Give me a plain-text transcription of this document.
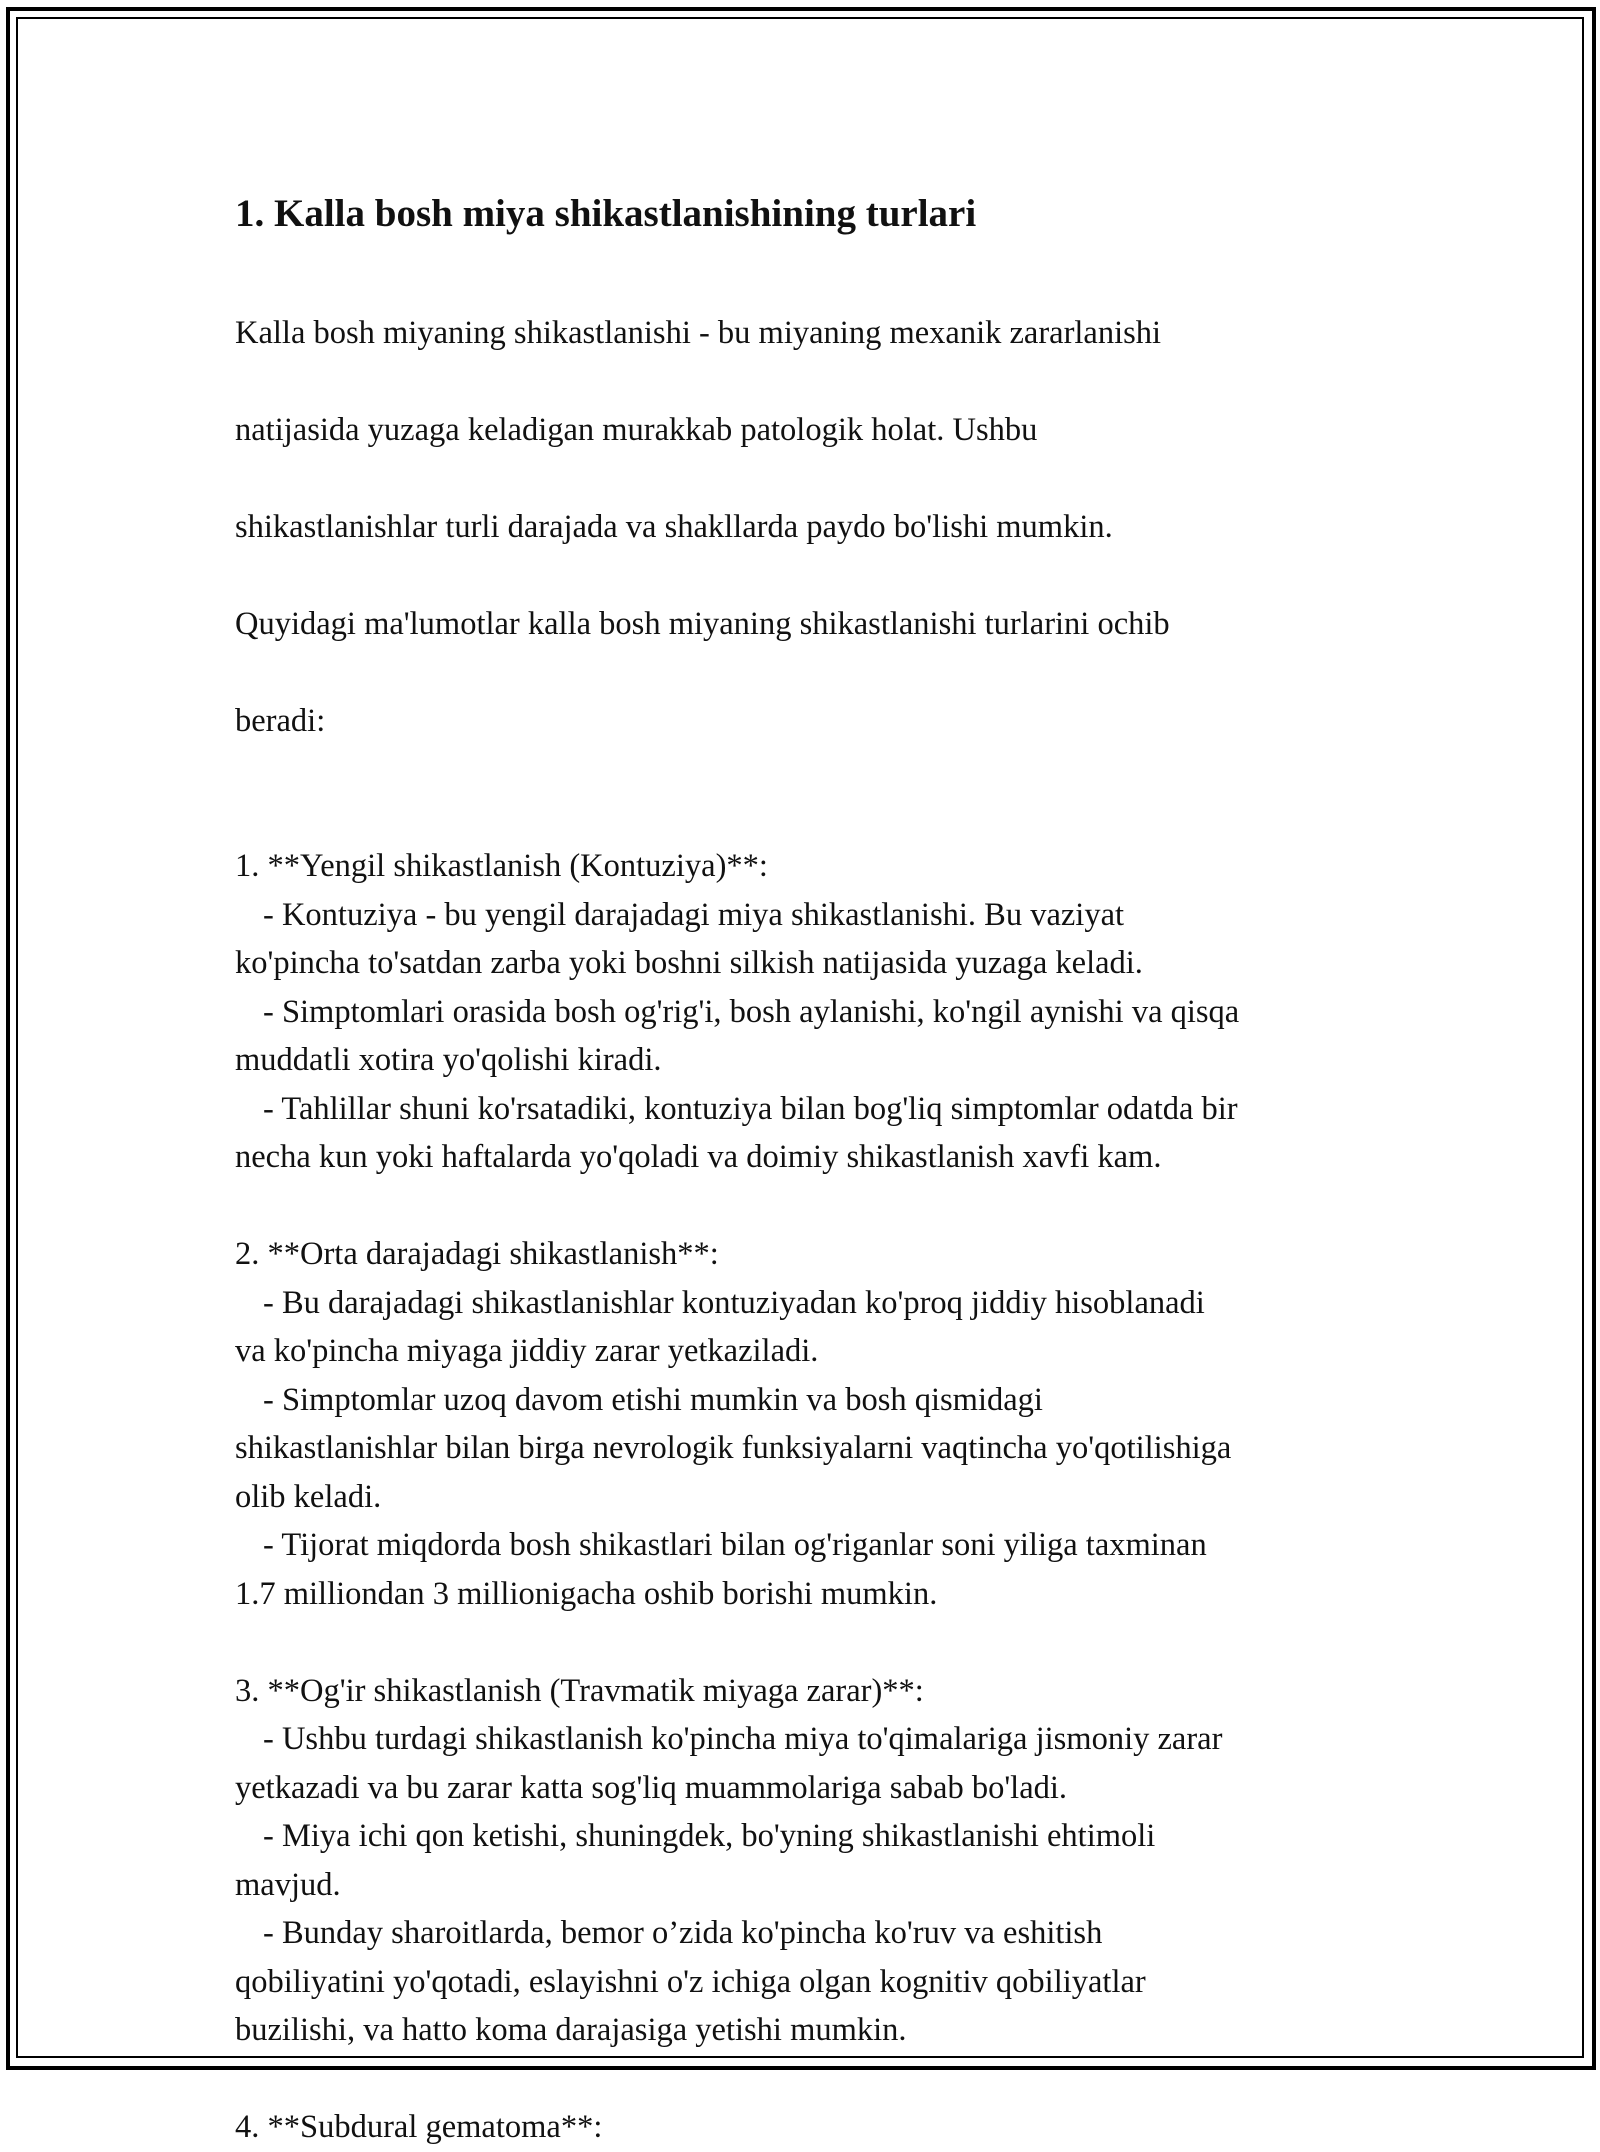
1. Kalla bosh miya shikastlanishining turlari

Kalla bosh miyaning shikastlanishi - bu miyaning mexanik zararlanishi

natijasida yuzaga keladigan murakkab patologik holat. Ushbu

shikastlanishlar turli darajada va shakllarda paydo bo'lishi mumkin.

Quyidagi ma'lumotlar kalla bosh miyaning shikastlanishi turlarini ochib

beradi:

1. **Yengil shikastlanish (Kontuziya)**:

- Kontuziya - bu yengil darajadagi miya shikastlanishi. Bu vaziyat
ko'pincha to'satdan zarba yoki boshni silkish natijasida yuzaga keladi.
- Simptomlari orasida bosh og'rig'i, bosh aylanishi, ko'ngil aynishi va qisqa
muddatli xotira yo'qolishi kiradi.
- Tahlillar shuni ko'rsatadiki, kontuziya bilan bog'liq simptomlar odatda bir
necha kun yoki haftalarda yo'qoladi va doimiy shikastlanish xavfi kam.

2. **Orta darajadagi shikastlanish**:

- Bu darajadagi shikastlanishlar kontuziyadan ko'proq jiddiy hisoblanadi
va ko'pincha miyaga jiddiy zarar yetkaziladi.
- Simptomlar uzoq davom etishi mumkin va bosh qismidagi
shikastlanishlar bilan birga nevrologik funksiyalarni vaqtincha yo'qotilishiga
olib keladi.
- Tijorat miqdorda bosh shikastlari bilan og'riganlar soni yiliga taxminan
1.7 milliondan 3 millionigacha oshib borishi mumkin.

3. **Og'ir shikastlanish (Travmatik miyaga zarar)**:

- Ushbu turdagi shikastlanish ko'pincha miya to'qimalariga jismoniy zarar
yetkazadi va bu zarar katta sog'liq muammolariga sabab bo'ladi.
- Miya ichi qon ketishi, shuningdek, bo'yning shikastlanishi ehtimoli
mavjud.
- Bunday sharoitlarda, bemor o’zida ko'pincha ko'ruv va eshitish
qobiliyatini yo'qotadi, eslayishni o'z ichiga olgan kognitiv qobiliyatlar
buzilishi, va hatto koma darajasiga yetishi mumkin.

4. **Subdural gematoma**:
